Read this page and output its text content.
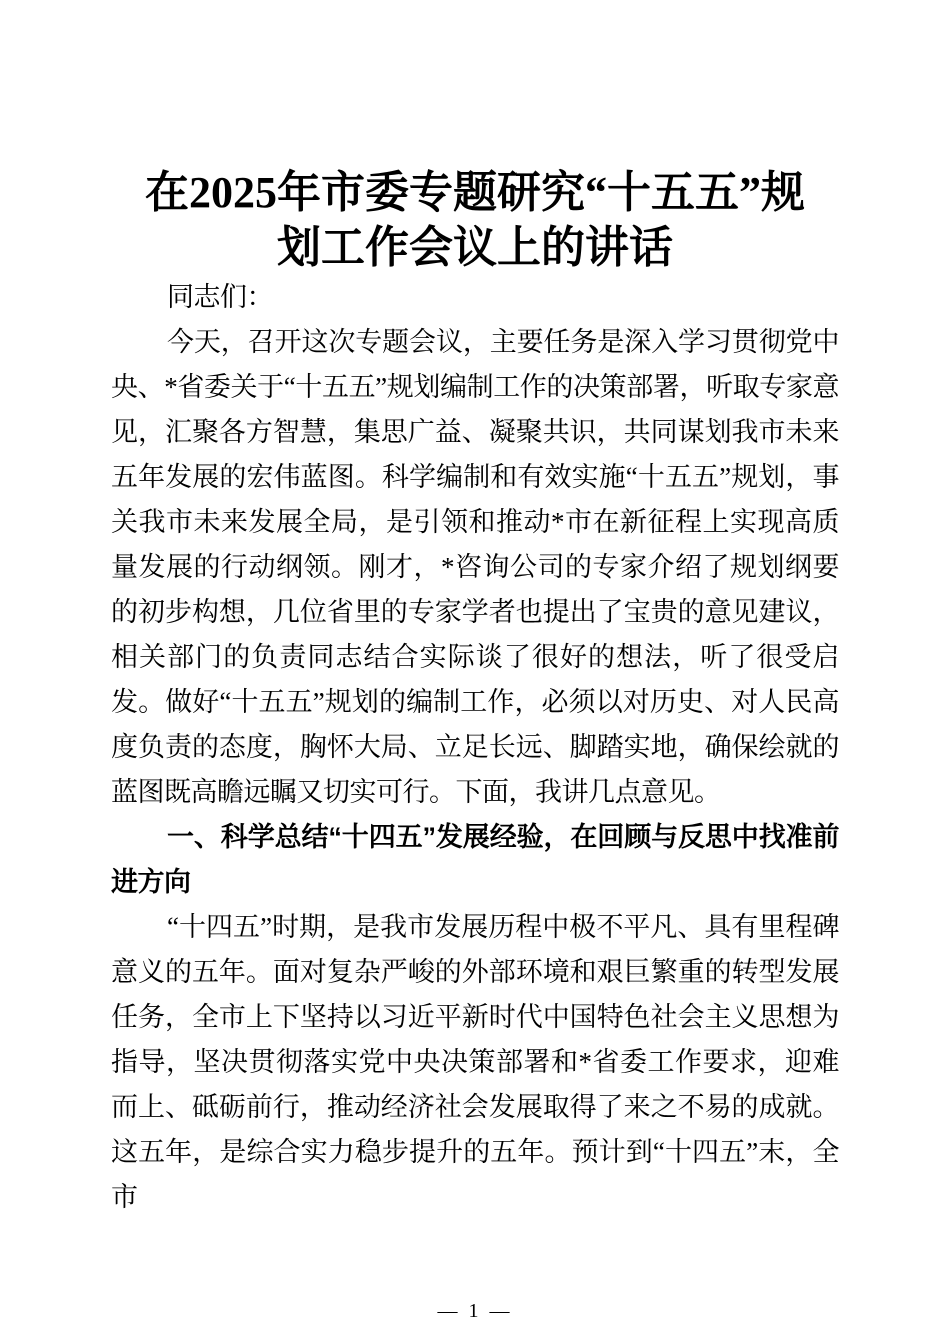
在2025年市委专题研究“十五五”规
划工作会议上的讲话

同志们：

今天，召开这次专题会议，主要任务是深入学习贯彻党中央、*省委关于“十五五”规划编制工作的决策部署，听取专家意见，汇聚各方智慧，集思广益、凝聚共识，共同谋划我市未来五年发展的宏伟蓝图。科学编制和有效实施“十五五”规划，事关我市未来发展全局，是引领和推动*市在新征程上实现高质量发展的行动纲领。刚才，*咨询公司的专家介绍了规划纲要的初步构想，几位省里的专家学者也提出了宝贵的意见建议，相关部门的负责同志结合实际谈了很好的想法，听了很受启发。做好“十五五”规划的编制工作，必须以对历史、对人民高度负责的态度，胸怀大局、立足长远、脚踏实地，确保绘就的蓝图既高瞻远瞩又切实可行。下面，我讲几点意见。

一、科学总结“十四五”发展经验，在回顾与反思中找准前进方向

“十四五”时期，是我市发展历程中极不平凡、具有里程碑意义的五年。面对复杂严峻的外部环境和艰巨繁重的转型发展任务，全市上下坚持以习近平新时代中国特色社会主义思想为指导，坚决贯彻落实党中央决策部署和*省委工作要求，迎难而上、砥砺前行，推动经济社会发展取得了来之不易的成就。这五年，是综合实力稳步提升的五年。预计到“十四五”末，全市

— 1 —
